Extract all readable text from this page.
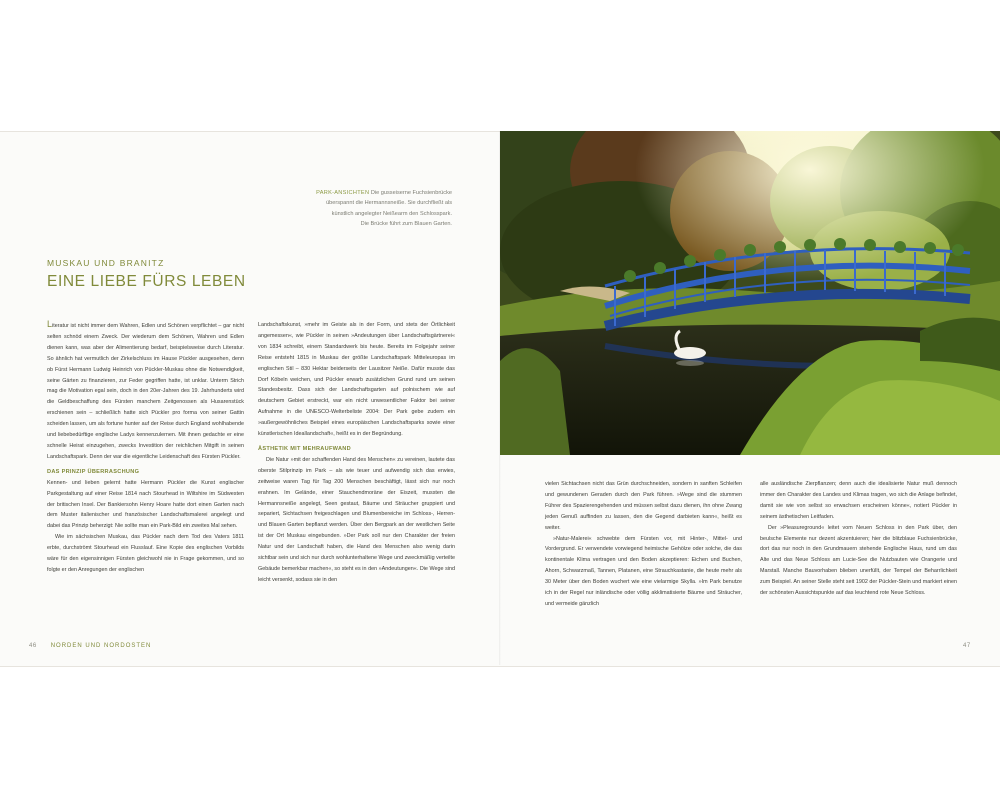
PARK-ANSICHTEN Die gusseiserne Fuchsienbrücke
überspannt die Hermannsneiße. Sie durchfließt als
künstlich angelegter Neißearm den Schlosspark.
Die Brücke führt zum Blauen Garten.
MUSKAU UND BRANITZ
EINE LIEBE FÜRS LEBEN

Literatur ist nicht immer dem Wahren, Edlen und Schönen verpflichtet – gar nicht selten schnöd einem Zweck. Der wiederum dem Schönen, Wahren und Edlen dienen kann, was aber der Alimentierung bedarf, beispielsweise durch Literatur. So ähnlich hat vermutlich der Zirkelschluss im Hause Pückler ausgesehen, denn ob Fürst Hermann Ludwig Heinrich von Pückler-Muskau ohne die Notwendigkeit, seine Gärten zu finanzieren, zur Feder gegriffen hatte, ist unklar. Unterm Strich mag die Motivation egal sein, doch in den 20er-Jahren des 19. Jahrhunderts wird die Geldbeschaffung des Fürsten manchem Zeitgenossen als Husarenstück erschienen sein – schließlich hatte sich Pückler pro forma von seiner Gattin scheiden lassen, um als fortune hunter auf der Reise durch England wohlhabende und liebebedürftige englische Ladys kennenzulernen. Mit ihnen gedachte er eine schnelle Heirat einzugehen, zwecks Investition der reichlichen Mitgift in seinen Landschaftspark. Denn der war die eigentliche Leidenschaft des Fürsten Pückler.

DAS PRINZIP ÜBERRASCHUNG

Kennen- und lieben gelernt hatte Hermann Pückler die Kunst englischer Parkgestaltung auf einer Reise 1814 nach Stourhead in Wiltshire im Südwesten der britischen Insel. Der Bankiersohn Henry Hoare hatte dort einen Garten nach dem Muster italienischer und französischer Landschaftsmalerei angelegt und dabei das Prinzip beherzigt: Nie sollte man ein Park-Bild ein zweites Mal sehen.

Wie im sächsischen Muskau, das Pückler nach dem Tod des Vaters 1811 erbte, durchströmt Stourhead ein Flusslauf. Eine Kopie des englischen Vorbilds wäre für den eigensinnigen Fürsten gleichwohl nie in Frage gekommen, und so folgte er den Anregungen der englischen

Landschaftskunst, »mehr im Geiste als in der Form, und stets der Örtlichkeit angemessen«, wie Pückler in seinen »Andeutungen über Landschaftsgärtnerei« von 1834 schreibt, einem Standardwerk bis heute. Bereits im Folgejahr seiner Reise entsteht 1815 in Muskau der größte Landschaftspark Mitteleuropas im englischen Stil – 830 Hektar beiderseits der Lausitzer Neiße. Dafür musste das Dorf Köbeln weichen, und Pückler erwarb zusätzlichen Grund rund um seinen Standesbesitz. Dass sich der Landschaftsgarten auf polnischem wie auf deutschem Gebiet erstreckt, war ein nicht unwesentlicher Faktor bei seiner Aufnahme in die UNESCO-Welterbeliste 2004: Der Park gebe zudem ein »außergewöhnliches Beispiel eines europäischen Landschaftsparks sowie einer künstlerischen Ideallandschaft«, heißt es in der Begründung.

ÄSTHETIK MIT MEHRAUFWAND

Die Natur »mit der schaffenden Hand des Menschen« zu vereinen, lautete das oberste Stilprinzip im Park – als wie teuer und aufwendig sich das erwies, zeitweise waren Tag für Tag 200 Menschen beschäftigt, lässt sich nur noch erahnen. Im Gelände, einer Stauchendmoräne der Eiszeit, mussten die Hermannsneiße angelegt, Seen gestaut, Bäume und Sträucher gruppiert und separiert, Sichtachsen freigeschlagen und Blumenbereiche im Schloss-, Herren- und Blauen Garten bepflanzt werden. Über den Bergpark an der westlichen Seite ist der Ort Muskau eingebunden. »Der Park soll nur den Charakter der freien Natur und der Landschaft haben, die Hand des Menschen also wenig darin sichtbar sein und sich nur durch wohlunterhaltene Wege und zweckmäßig verteilte Gebäude bemerkbar machen«, so steht es in den »Andeutungen«. Die Wege sind leicht versenkt, sodass sie in den

vielen Sichtachsen nicht das Grün durchschneiden, sondern in sanften Schleifen und gewundenen Geraden durch den Park führen. »Wege sind die stummen Führer des Spazierengehenden und müssen selbst dazu dienen, ihn ohne Zwang jeden Genuß auffinden zu lassen, den die Gegend darbieten kann«, heißt es weiter.

»Natur-Malerei« schwebte dem Fürsten vor, mit Hinter-, Mittel- und Vordergrund. Er verwendete vorwiegend heimische Gehölze oder solche, die das kontinentale Klima vertragen und den Boden akzeptieren: Eichen und Buchen, Ahorn, Schwarzmaß, Tannen, Platanen, eine Strauchkastanie, die heute mehr als 30 Meter über den Boden wuchert wie eine vielarmige Skylla. »Im Park benutze ich in der Regel nur inländische oder völlig akklimatisierte Bäume und Sträucher, und vermeide gänzlich

alle ausländische Zierpflanzen; denn auch die idealisierte Natur muß dennoch immer den Charakter des Landes und Klimas tragen, wo sich die Anlage befindet, damit sie wie von selbst so erwachsen erscheinen könne«, notiert Pückler in seinem ästhetischen Leitfaden.

Der »Pleasureground« leitet vom Neuen Schloss in den Park über, den beulsche Elemente nur dezent akzentuieren; hier die blitzblaue Fuchsienbrücke, dort das nur noch in den Grundmauern stehende Englische Haus, rund um das Alte und das Neue Schloss am Lucie-See die Nutzbauten wie Orangerie und Marstall. Manche Bauvorhaben blieben unerfüllt, der Tempel der Beharrlichkeit zum Beispiel. An seiner Stelle steht seit 1902 der Pückler-Stein und markiert einen der schönsten Aussichtspunkte auf das leuchtend rote Neue Schloss.

46 NORDEN UND NORDOSTEN	47
